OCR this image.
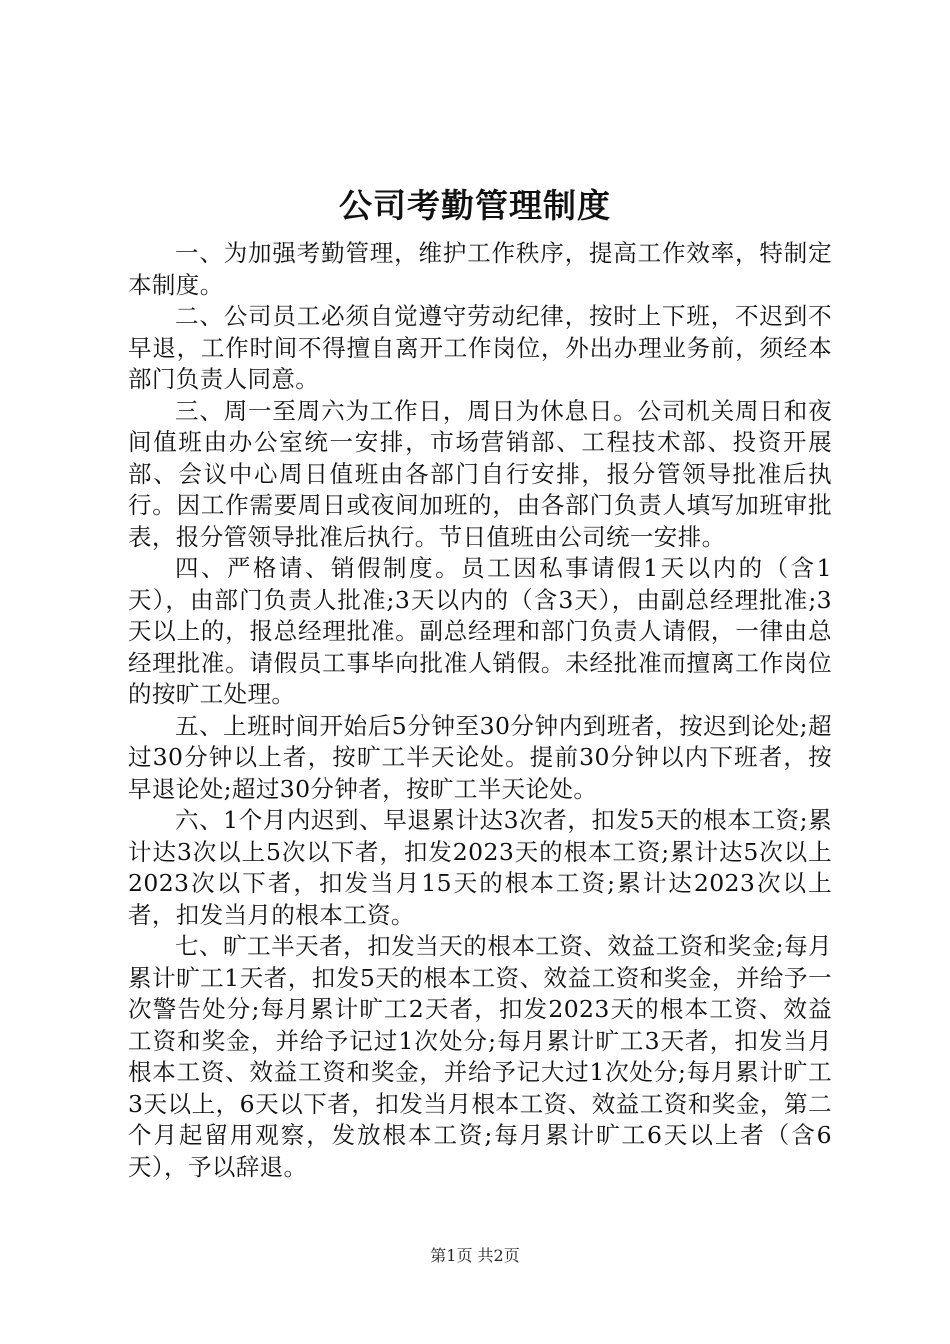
公司考勤管理制度

一、为加强考勤管理，维护工作秩序，提高工作效率，特制定本制度。

二、公司员工必须自觉遵守劳动纪律，按时上下班，不迟到不早退，工作时间不得擅自离开工作岗位，外出办理业务前，须经本部门负责人同意。

三、周一至周六为工作日，周日为休息日。公司机关周日和夜间值班由办公室统一安排，市场营销部、工程技术部、投资开展部、会议中心周日值班由各部门自行安排，报分管领导批准后执行。因工作需要周日或夜间加班的，由各部门负责人填写加班审批表，报分管领导批准后执行。节日值班由公司统一安排。

四、严格请、销假制度。员工因私事请假1天以内的（含1天），由部门负责人批准;3天以内的（含3天），由副总经理批准;3天以上的，报总经理批准。副总经理和部门负责人请假，一律由总经理批准。请假员工事毕向批准人销假。未经批准而擅离工作岗位的按旷工处理。

五、上班时间开始后5分钟至30分钟内到班者，按迟到论处;超过30分钟以上者，按旷工半天论处。提前30分钟以内下班者，按早退论处;超过30分钟者，按旷工半天论处。

六、1个月内迟到、早退累计达3次者，扣发5天的根本工资;累计达3次以上5次以下者，扣发2023天的根本工资;累计达5次以上2023次以下者，扣发当月15天的根本工资;累计达2023次以上者，扣发当月的根本工资。

七、旷工半天者，扣发当天的根本工资、效益工资和奖金;每月累计旷工1天者，扣发5天的根本工资、效益工资和奖金，并给予一次警告处分;每月累计旷工2天者，扣发2023天的根本工资、效益工资和奖金，并给予记过1次处分;每月累计旷工3天者，扣发当月根本工资、效益工资和奖金，并给予记大过1次处分;每月累计旷工3天以上，6天以下者，扣发当月根本工资、效益工资和奖金，第二个月起留用观察，发放根本工资;每月累计旷工6天以上者（含6天），予以辞退。

第1页 共2页
